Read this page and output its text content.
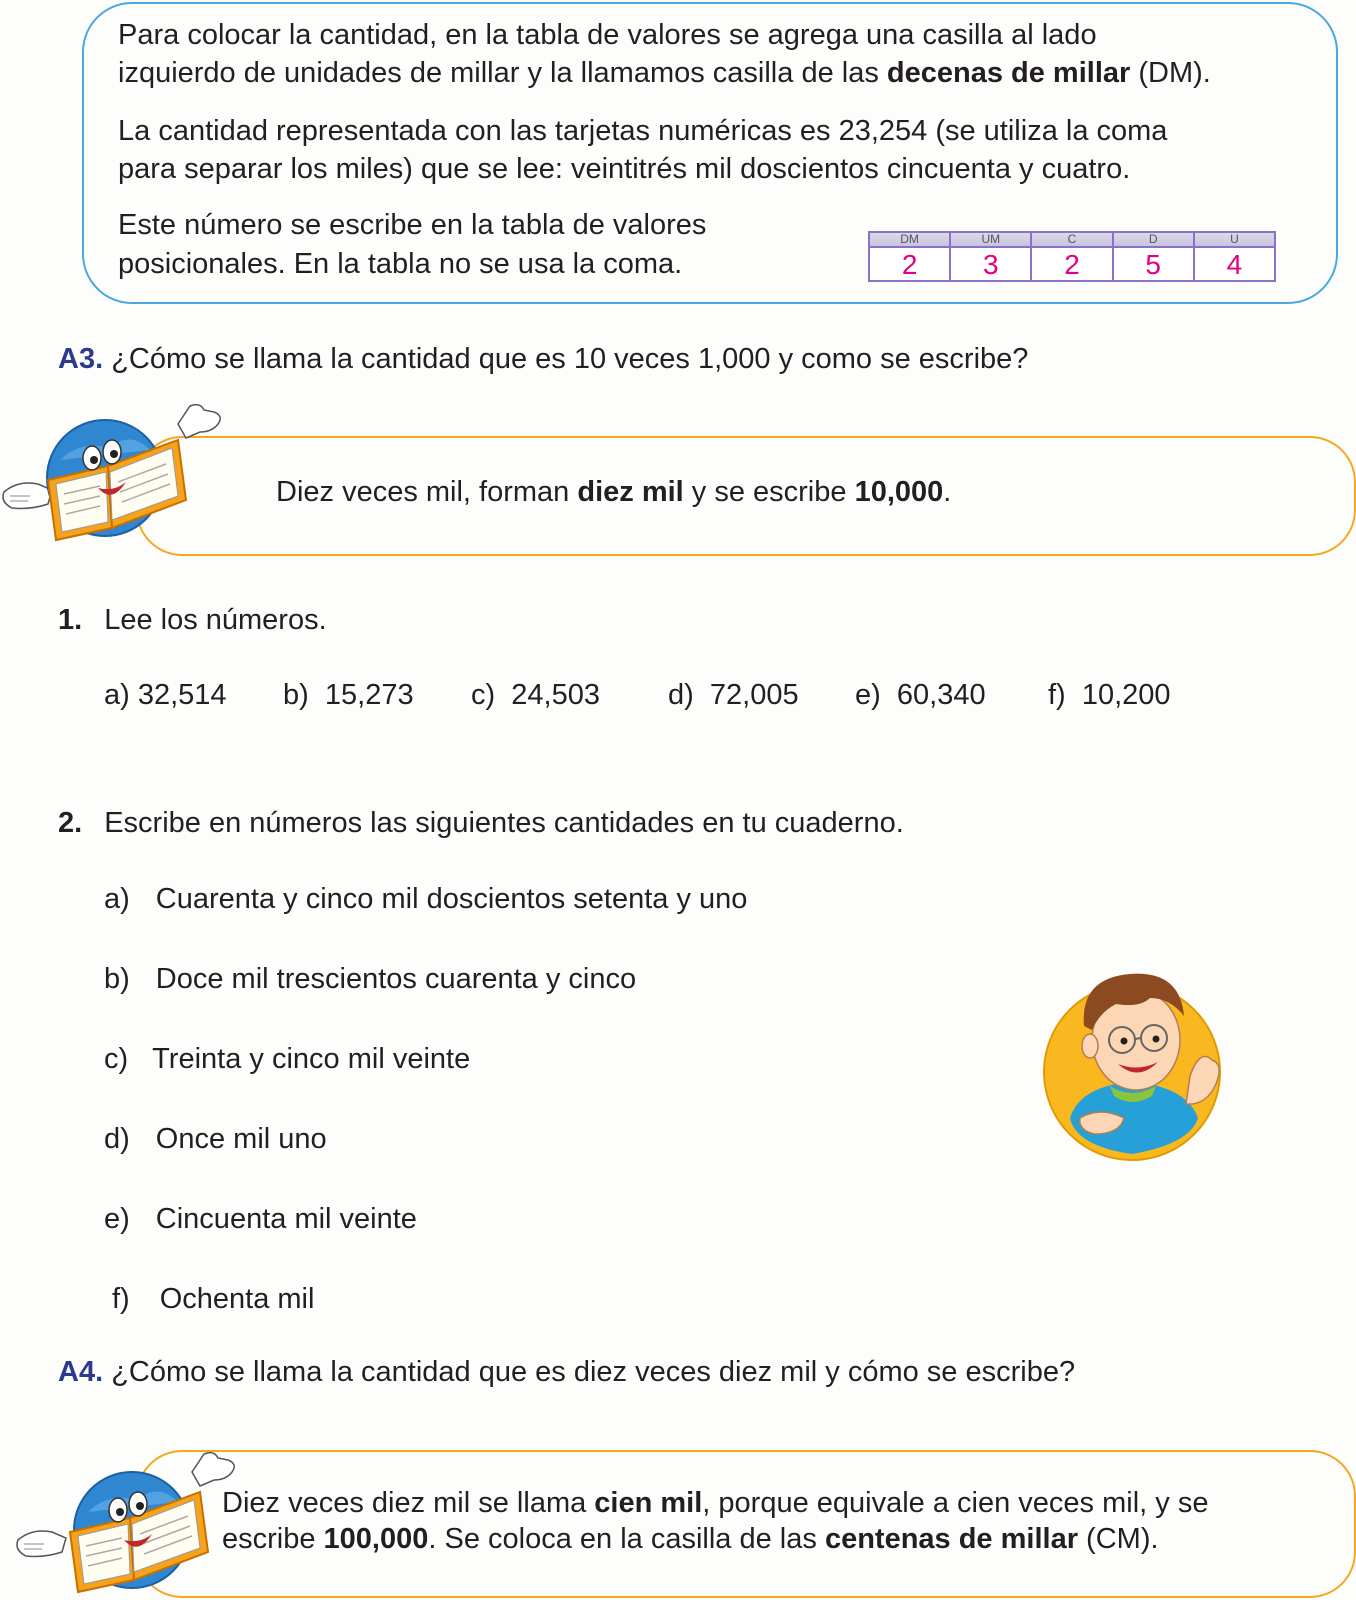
Para colocar la cantidad, en la tabla de valores se agrega una casilla al lado
izquierdo de unidades de millar y la llamamos casilla de las decenas de millar (DM).
La cantidad representada con las tarjetas numéricas es 23,254 (se utiliza la coma
para separar los miles) que se lee: veintitrés mil doscientos cincuenta y cuatro.
Este número se escribe en la tabla de valores
posicionales. En la tabla no se usa la coma.
DM
2
UM
3
C
2
D
5
U
4
A3. ¿Cómo se llama la cantidad que es 10 veces 1,000 y como se escribe?
Diez veces mil, forman diez mil y se escribe 10,000.
1. Lee los números.
a) 32,514 b) 15,273 c) 24,503 d) 72,005 e) 60,340 f) 10,200
2. Escribe en números las siguientes cantidades en tu cuaderno.
a) Cuarenta y cinco mil doscientos setenta y uno
b) Doce mil trescientos cuarenta y cinco
c) Treinta y cinco mil veinte
d) Once mil uno
e) Cincuenta mil veinte
f) Ochenta mil
A4. ¿Cómo se llama la cantidad que es diez veces diez mil y cómo se escribe?
Diez veces diez mil se llama cien mil, porque equivale a cien veces mil, y se
escribe 100,000. Se coloca en la casilla de las centenas de millar (CM).
